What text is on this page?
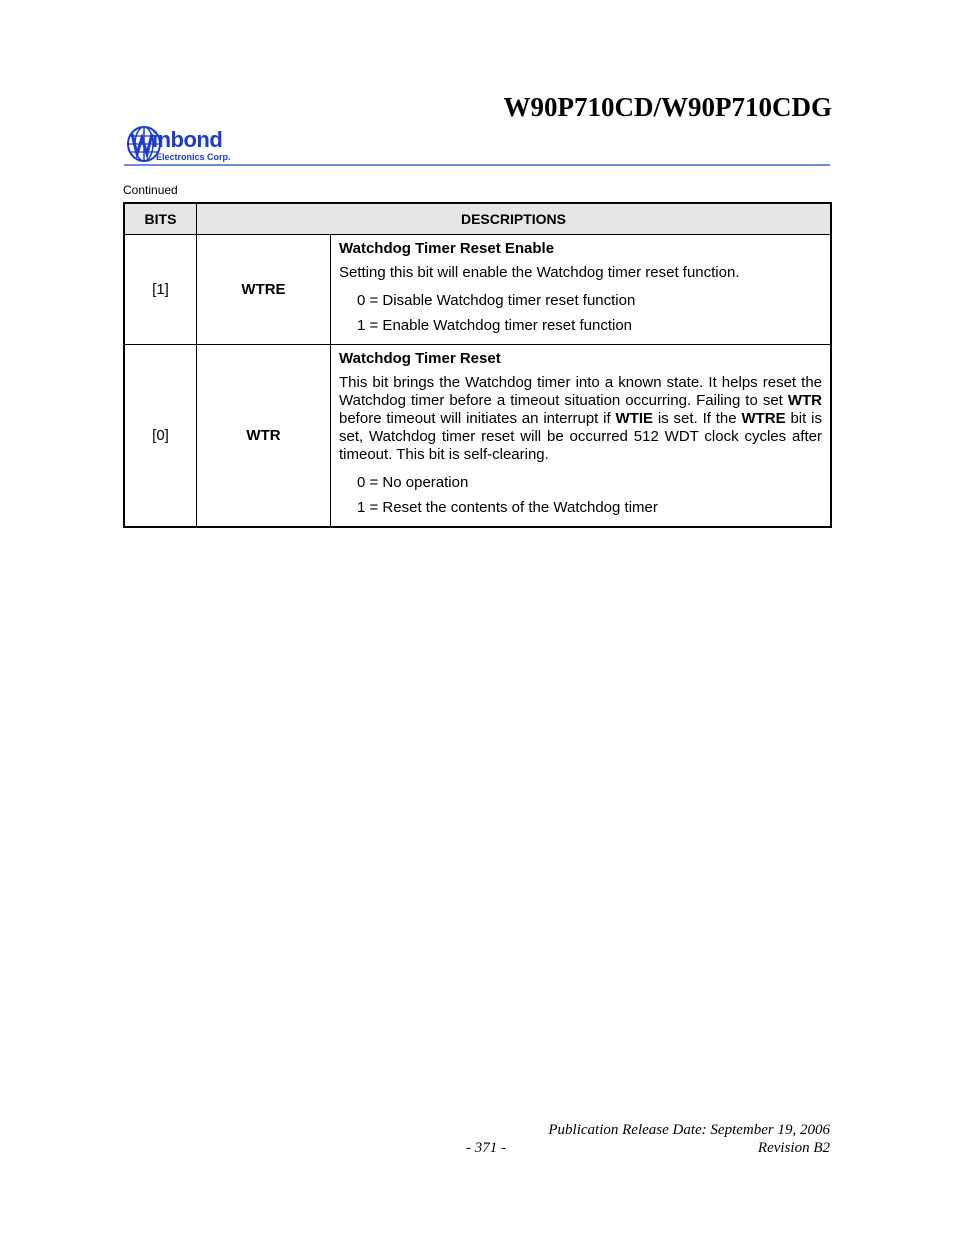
W90P710CD/W90P710CDG
inbond
Electronics Corp.
Continued
BITS	DESCRIPTIONS	
[1]	WTRE	Watchdog Timer Reset Enable
Setting this bit will enable the Watchdog timer reset function.
0 = Disable Watchdog timer reset function
1 = Enable Watchdog timer reset function

[0]	WTR	Watchdog Timer Reset
This bit brings the Watchdog timer into a known state. It helps reset the Watchdog timer before a timeout situation occurring. Failing to set WTR before timeout will initiates an interrupt if WTIE is set. If the WTRE bit is set, Watchdog timer reset will be occurred 512 WDT clock cycles after timeout. This bit is self-clearing.
0 = No operation
1 = Reset the contents of the Watchdog timer
Publication Release Date: September 19, 2006
- 371 -	Revision B2
